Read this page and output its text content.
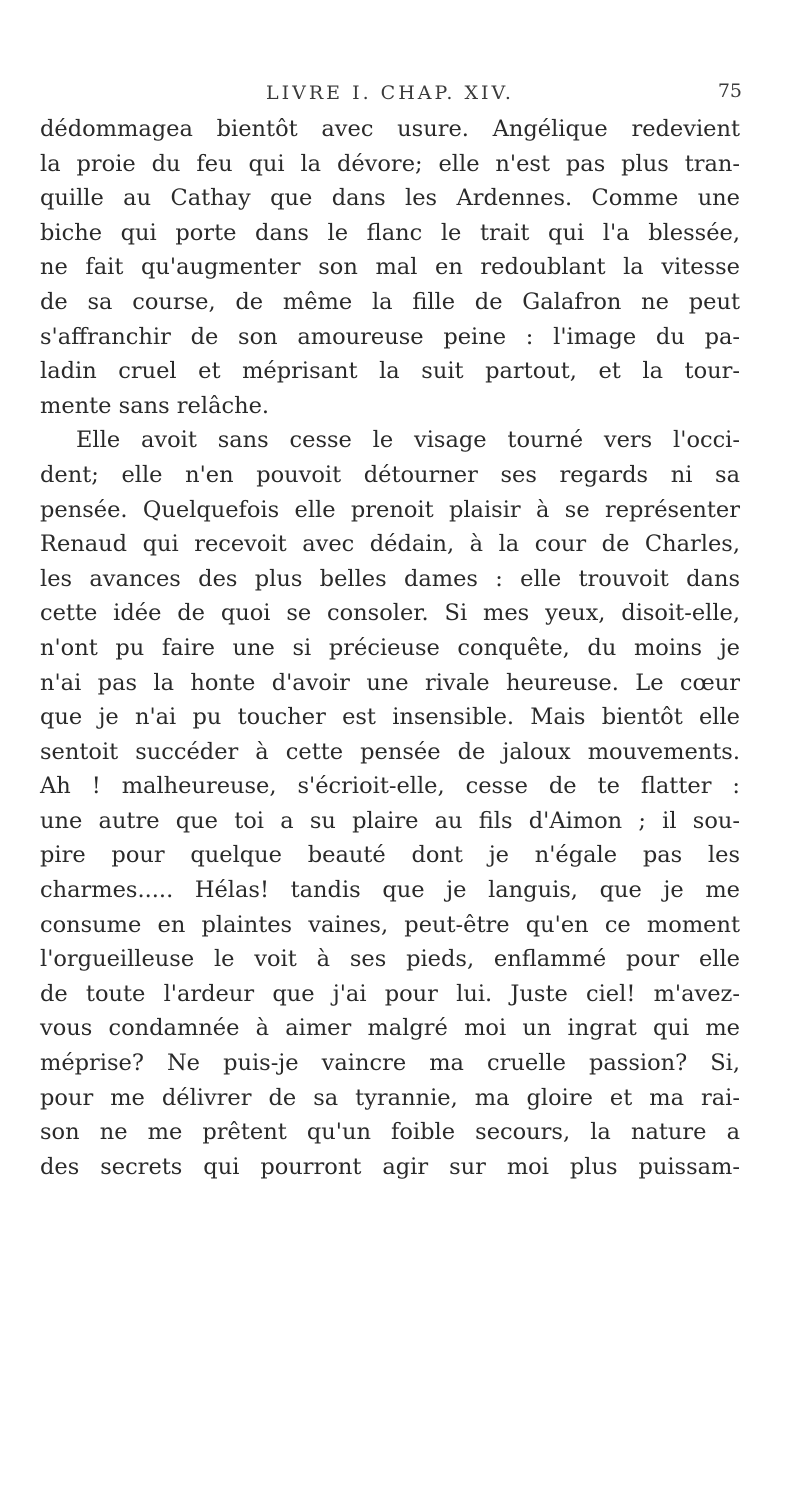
LIVRE I. CHAP. XIV.	75
dédommagea bientôt avec usure. Angélique redevient
la proie du feu qui la dévore; elle n'est pas plus tran-
quille au Cathay que dans les Ardennes. Comme une
biche qui porte dans le flanc le trait qui l'a blessée,
ne fait qu'augmenter son mal en redoublant la vitesse
de sa course, de même la fille de Galafron ne peut
s'affranchir de son amoureuse peine : l'image du pa-
ladin cruel et méprisant la suit partout, et la tour-
mente sans relâche.
Elle avoit sans cesse le visage tourné vers l'occi-
dent; elle n'en pouvoit détourner ses regards ni sa
pensée. Quelquefois elle prenoit plaisir à se représenter
Renaud qui recevoit avec dédain, à la cour de Charles,
les avances des plus belles dames : elle trouvoit dans
cette idée de quoi se consoler. Si mes yeux, disoit-elle,
n'ont pu faire une si précieuse conquête, du moins je
n'ai pas la honte d'avoir une rivale heureuse. Le cœur
que je n'ai pu toucher est insensible. Mais bientôt elle
sentoit succéder à cette pensée de jaloux mouvements.
Ah ! malheureuse, s'écrioit-elle, cesse de te flatter :
une autre que toi a su plaire au fils d'Aimon ; il sou-
pire pour quelque beauté dont je n'égale pas les
charmes..... Hélas! tandis que je languis, que je me
consume en plaintes vaines, peut-être qu'en ce moment
l'orgueilleuse le voit à ses pieds, enflammé pour elle
de toute l'ardeur que j'ai pour lui. Juste ciel! m'avez-
vous condamnée à aimer malgré moi un ingrat qui me
méprise? Ne puis-je vaincre ma cruelle passion? Si,
pour me délivrer de sa tyrannie, ma gloire et ma rai-
son ne me prêtent qu'un foible secours, la nature a
des secrets qui pourront agir sur moi plus puissam-
